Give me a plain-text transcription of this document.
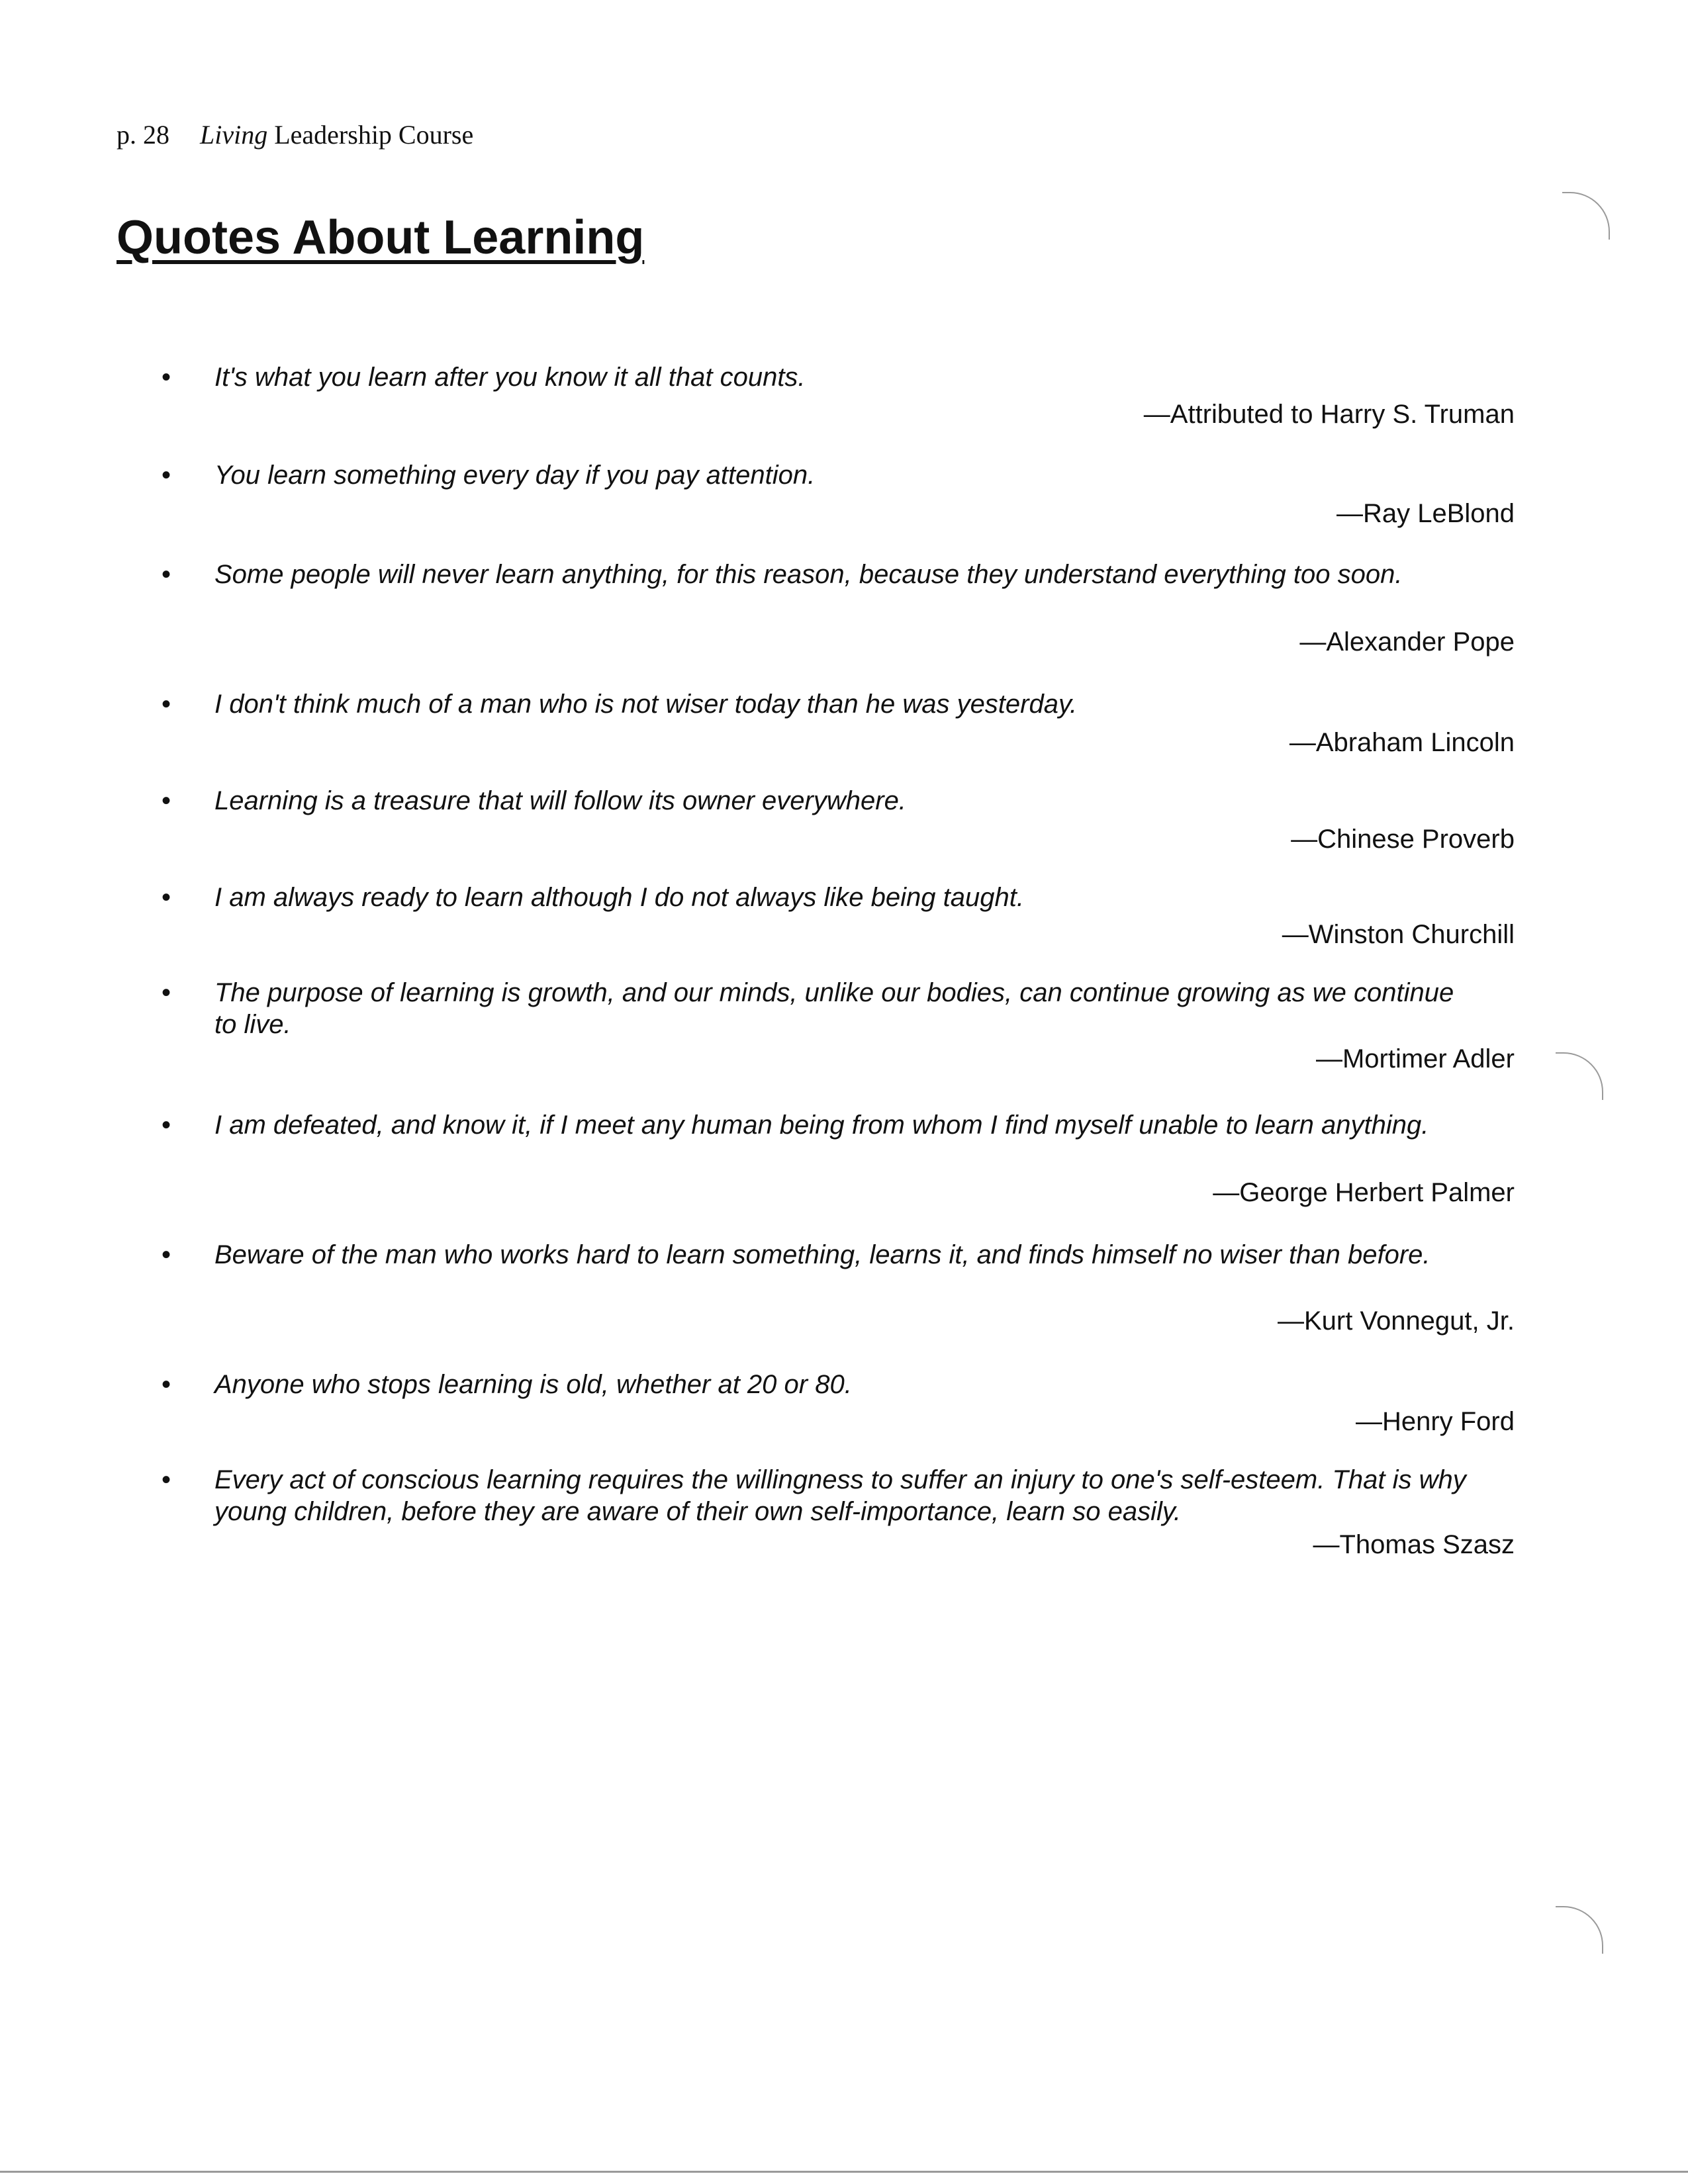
p. 28 Living Leadership Course
Quotes About Learning
• It's what you learn after you know it all that counts.

—Attributed to Harry S. Truman
• You learn something every day if you pay attention.

—Ray LeBlond
• Some people will never learn anything, for this reason, because they understand everything too soon.

—Alexander Pope
• I don't think much of a man who is not wiser today than he was yesterday.

—Abraham Lincoln
• Learning is a treasure that will follow its owner everywhere.

—Chinese Proverb
• I am always ready to learn although I do not always like being taught.

—Winston Churchill
• The purpose of learning is growth, and our minds, unlike our bodies, can continue growing as we continue to live.

—Mortimer Adler
• I am defeated, and know it, if I meet any human being from whom I find myself unable to learn anything.

—George Herbert Palmer
• Beware of the man who works hard to learn something, learns it, and finds himself no wiser than before.

—Kurt Vonnegut, Jr.
• Anyone who stops learning is old, whether at 20 or 80.

—Henry Ford
• Every act of conscious learning requires the willingness to suffer an injury to one's self-esteem. That is why young children, before they are aware of their own self-importance, learn so easily.

—Thomas Szasz
